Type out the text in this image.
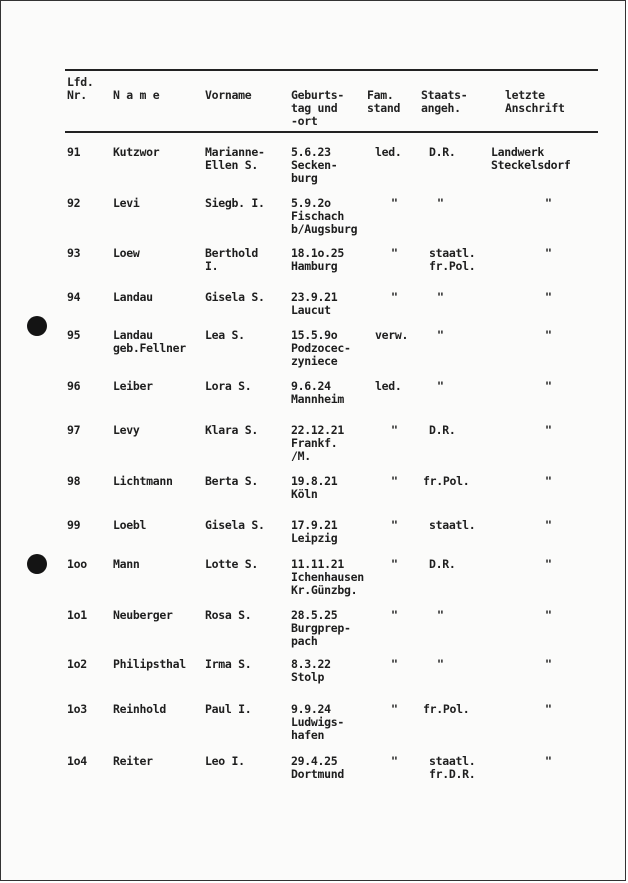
Lfd.
Nr.	N a m e	Vorname	Geburts-
tag und
-ort
Fam.
stand
Staats-
angeh.
letzte
Anschrift
91	Kutzwor	Marianne-
Ellen S.
5.6.23
Secken-
burg
led. D.R.	Landwerk
Steckelsdorf
92	Levi	Siegb. I. 5.9.2o
Fischach
b/Augsburg
"	"	"
93	Loew	Berthold
I.
18.1o.25
Hamburg
"	staatl.
fr.Pol.
"
94	Landau	Gisela S. 23.9.21
Laucut
"	"	"
95	Landau
geb.Fellner
Lea S.	15.5.9o
Podzocec-
zyniece
verw.	"	"
96	Leiber	Lora S.	9.6.24
Mannheim
led.	"	"
97	Levy	Klara S.	22.12.21
Frankf.
/M.
"	D.R.	"
98	Lichtmann	Berta S.	19.8.21
Köln
" fr.Pol.	"
99	Loebl	Gisela S. 17.9.21
Leipzig
"	staatl.	"
1oo Mann	Lotte S.	11.11.21
Ichenhausen
Kr.Günzbg.
"	D.R.	"
1o1 Neuberger	Rosa S.	28.5.25
Burgprep-
pach
"	"	"
1o2 Philipsthal Irma S.	8.3.22
Stolp
"	"	"
1o3 Reinhold	Paul I.	9.9.24
Ludwigs-
hafen
" fr.Pol.	"
1o4 Reiter	Leo I.	29.4.25
Dortmund
"	staatl.
fr.D.R.
"
